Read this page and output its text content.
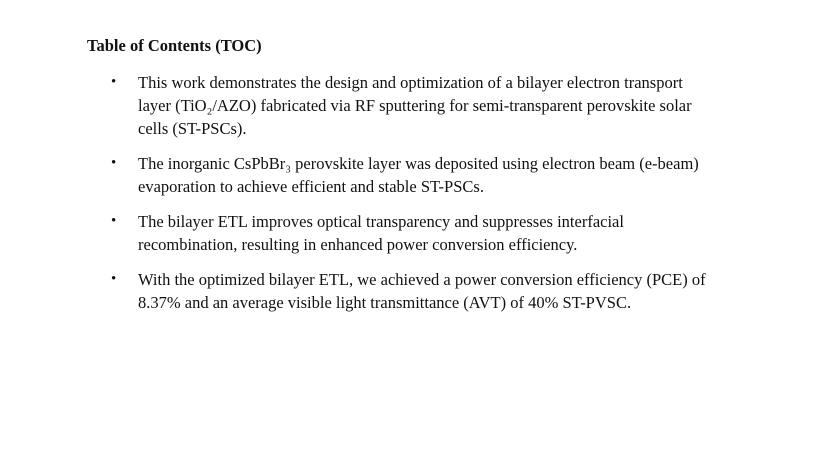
Table of Contents (TOC)
•	This work demonstrates the design and optimization of a bilayer electron transport
layer (TiO₂/AZO) fabricated via RF sputtering for semi-transparent perovskite solar
cells (ST-PSCs).
•	The inorganic CsPbBr₃ perovskite layer was deposited using electron beam (e-beam)
evaporation to achieve efficient and stable ST-PSCs.
•	The bilayer ETL improves optical transparency and suppresses interfacial
recombination, resulting in enhanced power conversion efficiency.
•	With the optimized bilayer ETL, we achieved a power conversion efficiency (PCE) of
8.37% and an average visible light transmittance (AVT) of 40% ST-PVSC.
